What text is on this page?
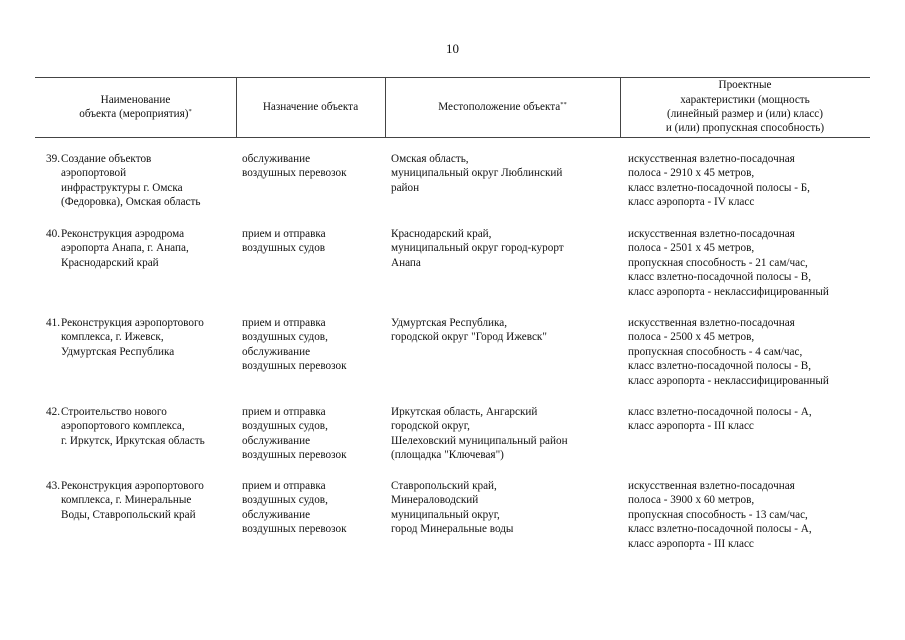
10
Наименование
объекта (мероприятия)*	Назначение объекта	Местоположение объекта**
Проектные
характеристики (мощность
(линейный размер и (или) класс)
и (или) пропускная способность)
39. Создание объектов
аэропортовой
инфраструктуры г. Омска
(Федоровка), Омская область
обслуживание
воздушных перевозок
Омская область,
муниципальный округ Люблинский
район
искусственная взлетно-посадочная
полоса - 2910 х 45 метров,
класс взлетно-посадочной полосы - Б,
класс аэропорта - IV класс
40. Реконструкция аэродрома
аэропорта Анапа, г. Анапа,
Краснодарский край
прием и отправка
воздушных судов
Краснодарский край,
муниципальный округ город-курорт
Анапа
искусственная взлетно-посадочная
полоса - 2501 х 45 метров,
пропускная способность - 21 сам/час,
класс взлетно-посадочной полосы - В,
класс аэропорта - неклассифицированный
41. Реконструкция аэропортового
комплекса, г. Ижевск,
Удмуртская Республика
прием и отправка
воздушных судов,
обслуживание
воздушных перевозок
Удмуртская Республика,
городской округ "Город Ижевск"
искусственная взлетно-посадочная
полоса - 2500 х 45 метров,
пропускная способность - 4 сам/час,
класс взлетно-посадочной полосы - В,
класс аэропорта - неклассифицированный
42. Строительство нового
аэропортового комплекса,
г. Иркутск, Иркутская область
прием и отправка
воздушных судов,
обслуживание
воздушных перевозок
Иркутская область, Ангарский
городской округ,
Шелеховский муниципальный район
(площадка "Ключевая")
класс взлетно-посадочной полосы - А,
класс аэропорта - III класс
43. Реконструкция аэропортового
комплекса, г. Минеральные
Воды, Ставропольский край
прием и отправка
воздушных судов,
обслуживание
воздушных перевозок
Ставропольский край,
Минераловодский
муниципальный округ,
город Минеральные воды
искусственная взлетно-посадочная
полоса - 3900 х 60 метров,
пропускная способность - 13 сам/час,
класс взлетно-посадочной полосы - А,
класс аэропорта - III класс
